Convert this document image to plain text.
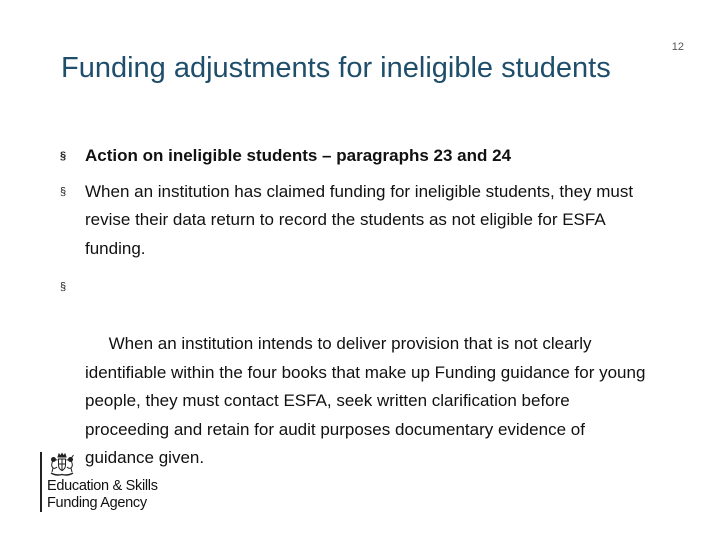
12
Funding adjustments for ineligible students
§ Action on ineligible students – paragraphs 23 and 24
§ When an institution has claimed funding for ineligible students, they must revise their data return to record the students as not eligible for ESFA funding.

§

When an institution intends to deliver provision that is not clearly identifiable within the four books that make up Funding guidance for young people, they must contact ESFA, seek written clarification before proceeding and retain for audit purposes documentary evidence of guidance given.

Education & Skills
Funding Agency
